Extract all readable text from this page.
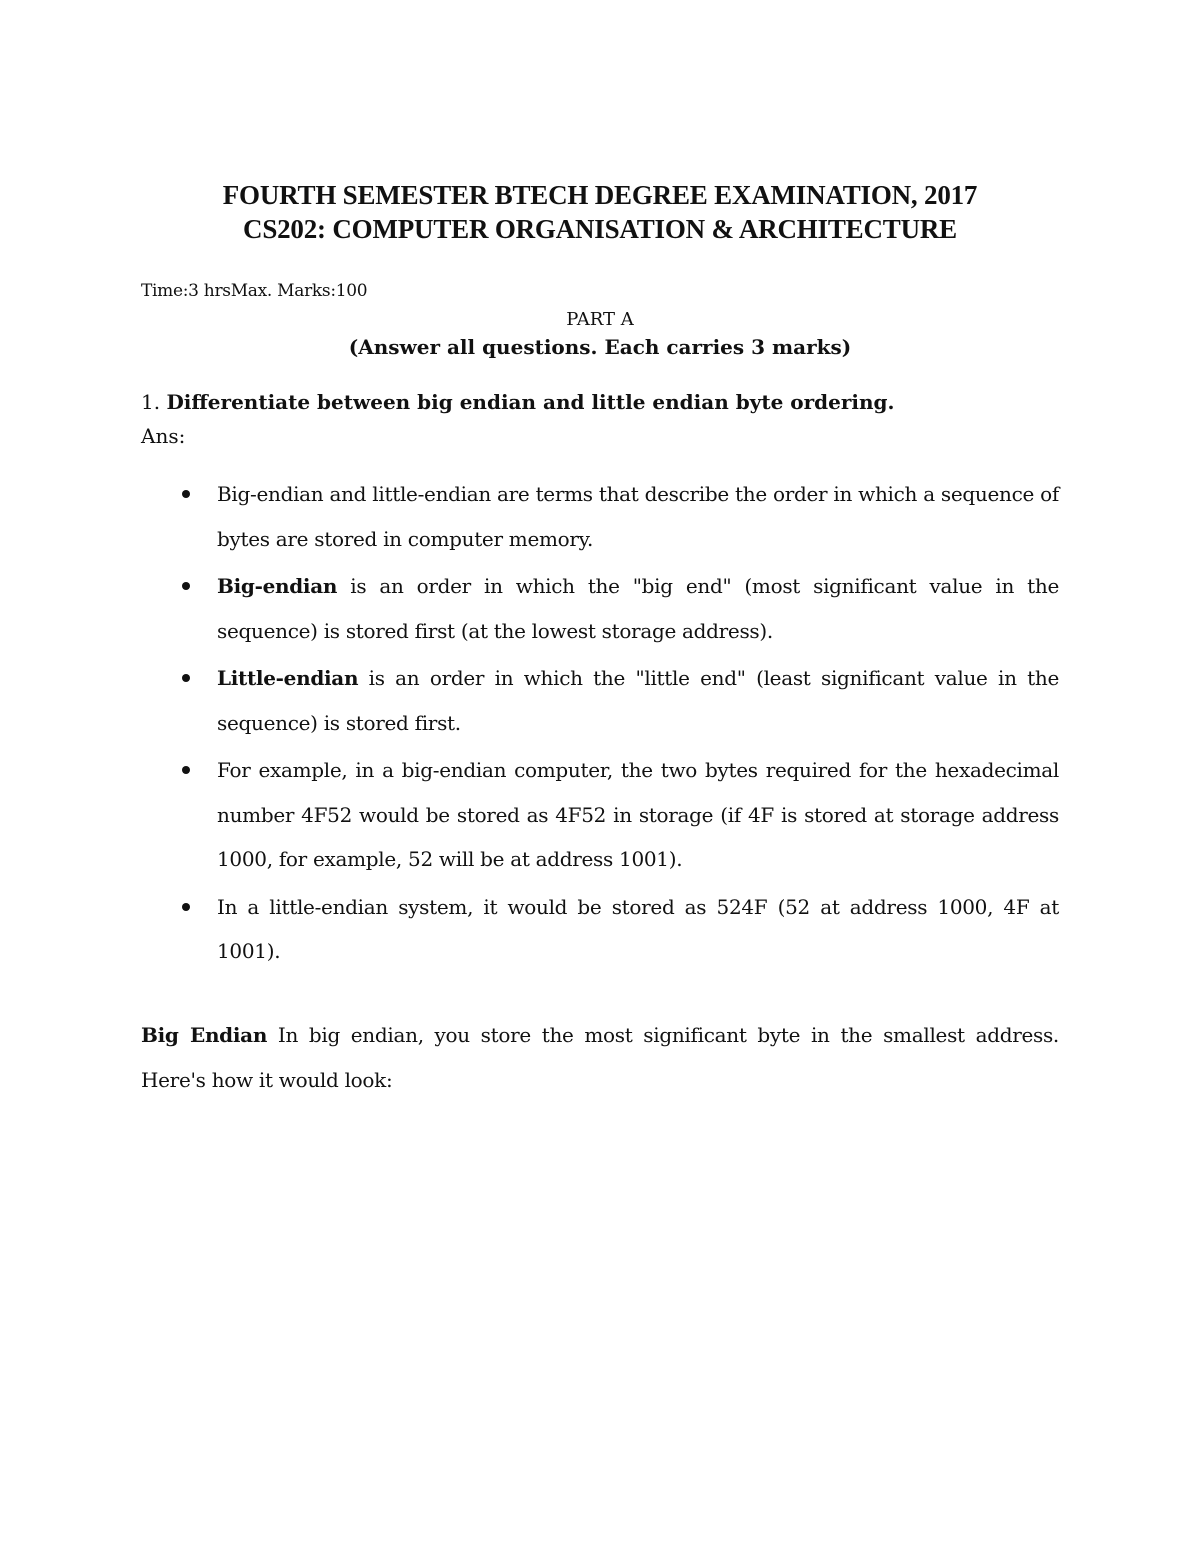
FOURTH SEMESTER BTECH DEGREE EXAMINATION, 2017
CS202: COMPUTER ORGANISATION & ARCHITECTURE
Time:3 hrsMax. Marks:100
PART A
(Answer all questions. Each carries 3 marks)
1. Differentiate between big endian and little endian byte ordering.
Ans:
Big-endian and little-endian are terms that describe the order in which a sequence of bytes are stored in computer memory.
Big-endian is an order in which the "big end" (most significant value in the sequence) is stored first (at the lowest storage address).
Little-endian is an order in which the "little end" (least significant value in the sequence) is stored first.
For example, in a big-endian computer, the two bytes required for the hexadecimal number 4F52 would be stored as 4F52 in storage (if 4F is stored at storage address 1000, for example, 52 will be at address 1001).
In a little-endian system, it would be stored as 524F (52 at address 1000, 4F at 1001).
Big Endian In big endian, you store the most significant byte in the smallest address. Here's how it would look:
